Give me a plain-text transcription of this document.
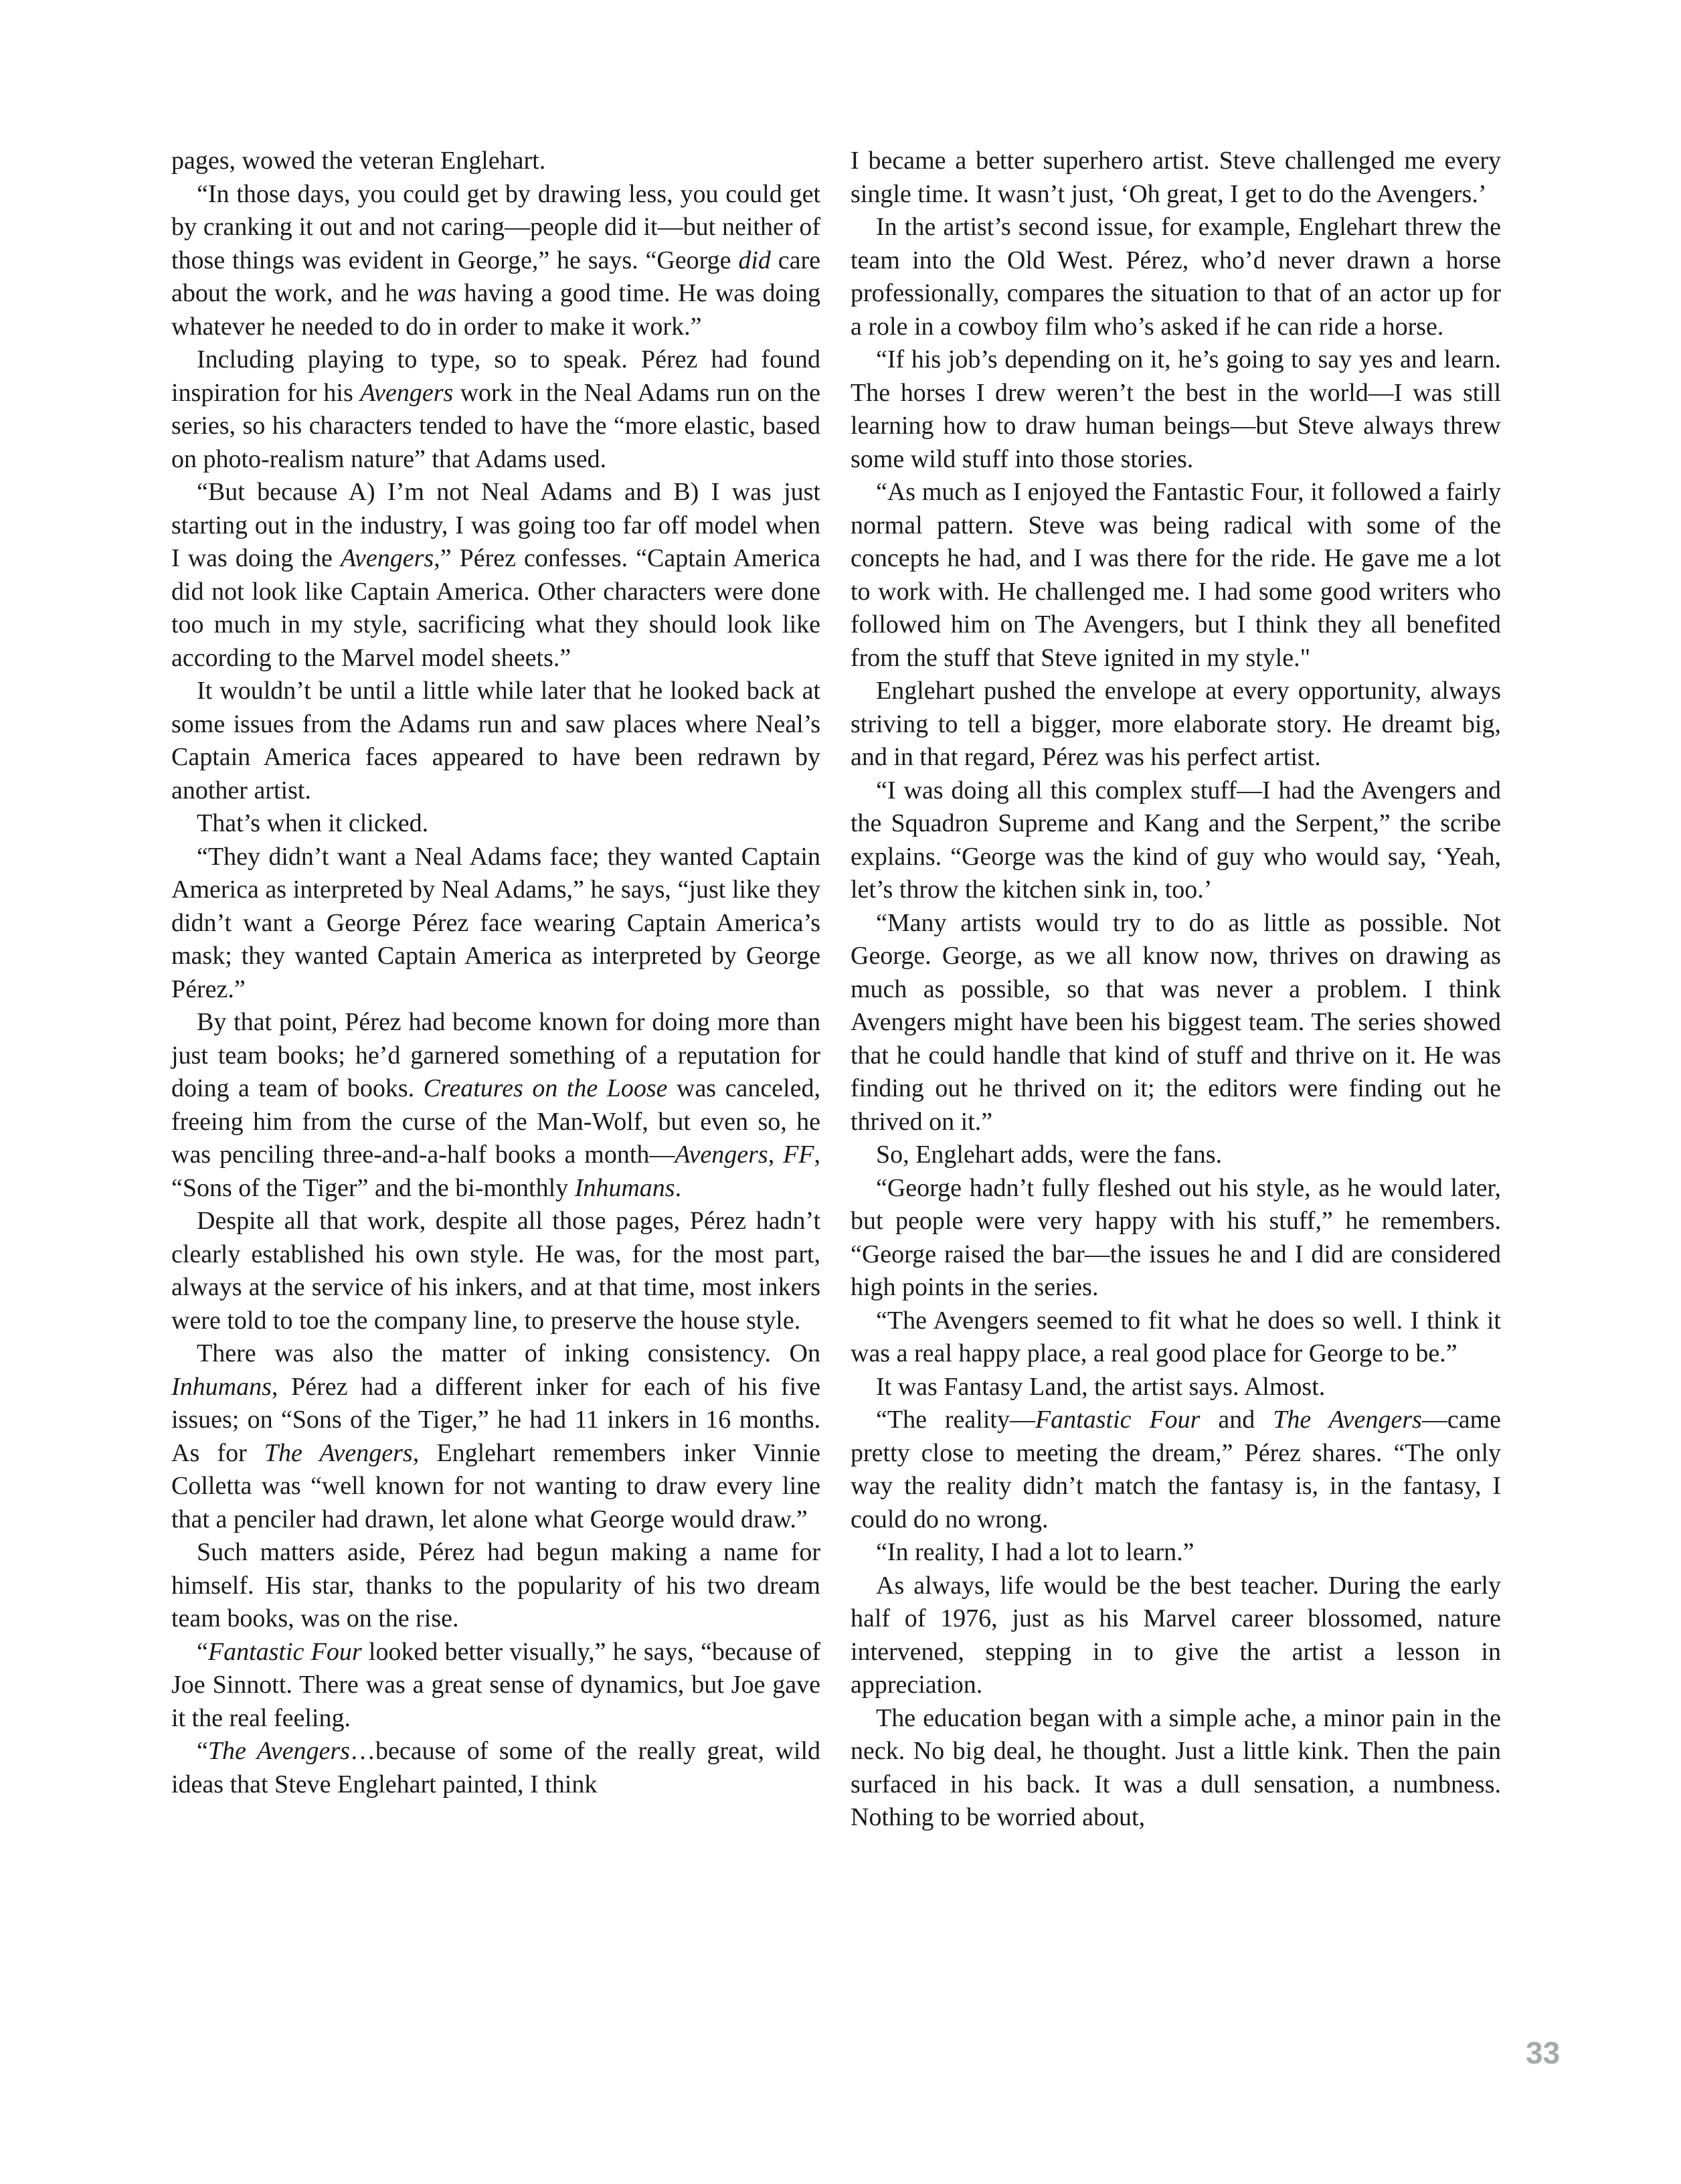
pages, wowed the veteran Englehart.

“In those days, you could get by drawing less, you could get by cranking it out and not caring—people did it—but neither of those things was evident in George,” he says. “George did care about the work, and he was having a good time. He was doing whatever he needed to do in order to make it work.”

Including playing to type, so to speak. Pérez had found inspiration for his Avengers work in the Neal Adams run on the series, so his characters tended to have the “more elastic, based on photo-realism nature” that Adams used.

“But because A) I’m not Neal Adams and B) I was just starting out in the industry, I was going too far off model when I was doing the Avengers,” Pérez confesses. “Captain America did not look like Captain America. Other characters were done too much in my style, sacrificing what they should look like according to the Marvel model sheets.”

It wouldn’t be until a little while later that he looked back at some issues from the Adams run and saw places where Neal’s Captain America faces appeared to have been redrawn by another artist.

That’s when it clicked.

“They didn’t want a Neal Adams face; they wanted Captain America as interpreted by Neal Adams,” he says, “just like they didn’t want a George Pérez face wearing Captain America’s mask; they wanted Captain America as interpreted by George Pérez.”

By that point, Pérez had become known for doing more than just team books; he’d garnered something of a reputation for doing a team of books. Creatures on the Loose was canceled, freeing him from the curse of the Man-Wolf, but even so, he was penciling three-and-a-half books a month—Avengers, FF, “Sons of the Tiger” and the bi-monthly Inhumans.

Despite all that work, despite all those pages, Pérez hadn’t clearly established his own style. He was, for the most part, always at the service of his inkers, and at that time, most inkers were told to toe the company line, to preserve the house style.

There was also the matter of inking consistency. On Inhumans, Pérez had a different inker for each of his five issues; on “Sons of the Tiger,” he had 11 inkers in 16 months. As for The Avengers, Englehart remembers inker Vinnie Colletta was “well known for not wanting to draw every line that a penciler had drawn, let alone what George would draw.”

Such matters aside, Pérez had begun making a name for himself. His star, thanks to the popularity of his two dream team books, was on the rise.

“Fantastic Four looked better visually,” he says, “because of Joe Sinnott. There was a great sense of dynamics, but Joe gave it the real feeling.

“The Avengers…because of some of the really great, wild ideas that Steve Englehart painted, I think

I became a better superhero artist. Steve challenged me every single time. It wasn’t just, ‘Oh great, I get to do the Avengers.’

In the artist’s second issue, for example, Englehart threw the team into the Old West. Pérez, who’d never drawn a horse professionally, compares the situation to that of an actor up for a role in a cowboy film who’s asked if he can ride a horse.

“If his job’s depending on it, he’s going to say yes and learn. The horses I drew weren’t the best in the world—I was still learning how to draw human beings—but Steve always threw some wild stuff into those stories.

“As much as I enjoyed the Fantastic Four, it followed a fairly normal pattern. Steve was being radical with some of the concepts he had, and I was there for the ride. He gave me a lot to work with. He challenged me. I had some good writers who followed him on The Avengers, but I think they all benefited from the stuff that Steve ignited in my style."

Englehart pushed the envelope at every opportunity, always striving to tell a bigger, more elaborate story. He dreamt big, and in that regard, Pérez was his perfect artist.

“I was doing all this complex stuff—I had the Avengers and the Squadron Supreme and Kang and the Serpent,” the scribe explains. “George was the kind of guy who would say, ‘Yeah, let’s throw the kitchen sink in, too.’

“Many artists would try to do as little as possible. Not George. George, as we all know now, thrives on drawing as much as possible, so that was never a problem. I think Avengers might have been his biggest team. The series showed that he could handle that kind of stuff and thrive on it. He was finding out he thrived on it; the editors were finding out he thrived on it.”

So, Englehart adds, were the fans.

“George hadn’t fully fleshed out his style, as he would later, but people were very happy with his stuff,” he remembers. “George raised the bar—the issues he and I did are considered high points in the series.

“The Avengers seemed to fit what he does so well. I think it was a real happy place, a real good place for George to be.”

It was Fantasy Land, the artist says. Almost.

“The reality—Fantastic Four and The Avengers—came pretty close to meeting the dream,” Pérez shares. “The only way the reality didn’t match the fantasy is, in the fantasy, I could do no wrong.

“In reality, I had a lot to learn.”

As always, life would be the best teacher. During the early half of 1976, just as his Marvel career blossomed, nature intervened, stepping in to give the artist a lesson in appreciation.

The education began with a simple ache, a minor pain in the neck. No big deal, he thought. Just a little kink. Then the pain surfaced in his back. It was a dull sensation, a numbness. Nothing to be worried about,

33
